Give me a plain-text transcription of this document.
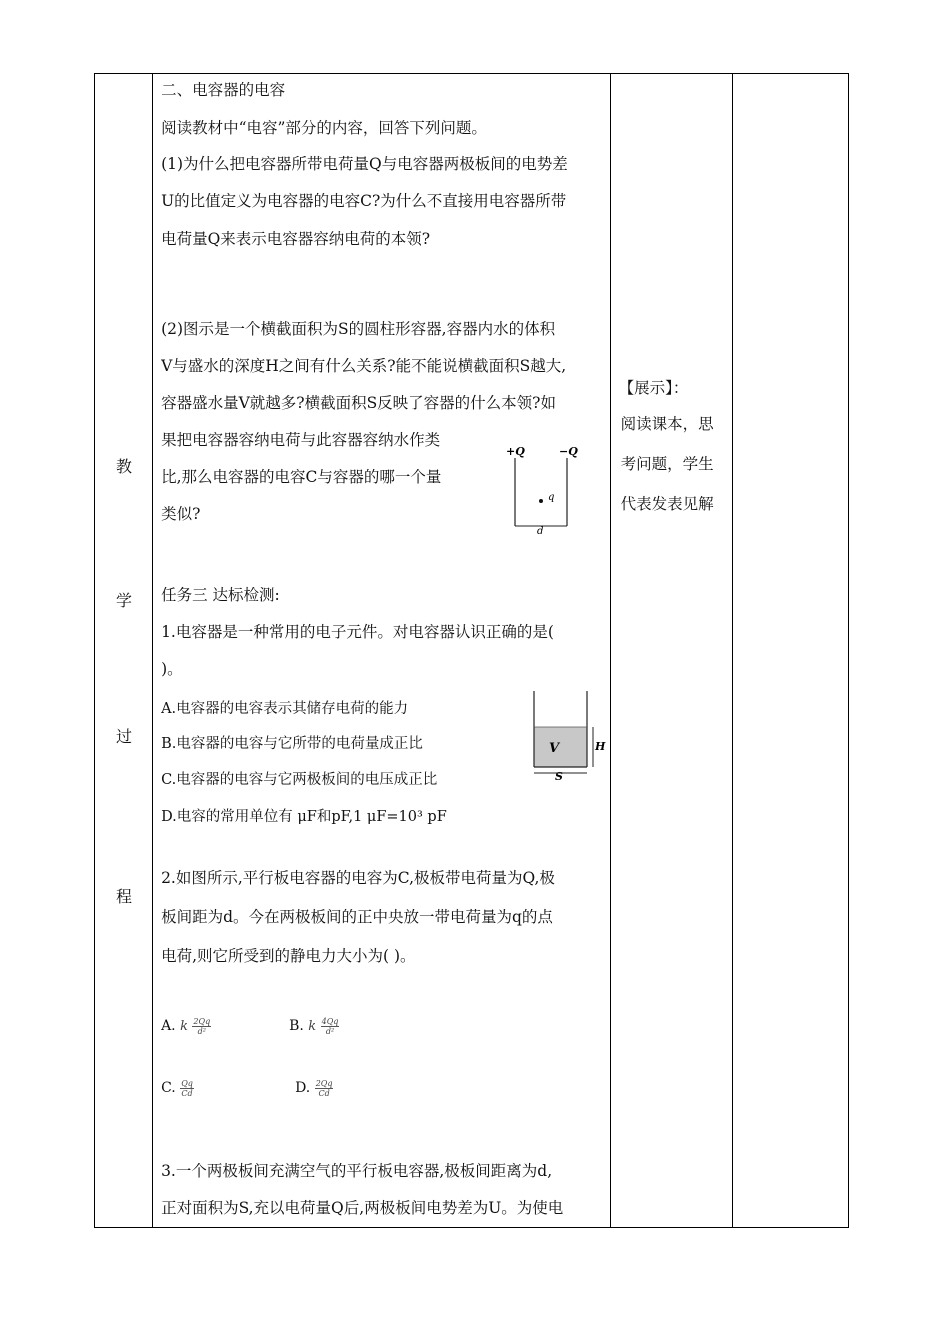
教
学
过
程

二、电容器的电容
阅读教材中“电容”部分的内容，回答下列问题。
(1)为什么把电容器所带电荷量Q与电容器两极板间的电势差
U的比值定义为电容器的电容C?为什么不直接用电容器所带
电荷量Q来表示电容器容纳电荷的本领?
(2)图示是一个横截面积为S的圆柱形容器,容器内水的体积
V与盛水的深度H之间有什么关系?能不能说横截面积S越大,
容器盛水量V就越多?横截面积S反映了容器的什么本领?如
果把电容器容纳电荷与此容器容纳水作类
比,那么电容器的电容C与容器的哪一个量
类似?
+Q	−Q
q
d
任务三 达标检测:
1.电容器是一种常用的电子元件。对电容器认识正确的是(
)。
A.电容器的电容表示其储存电荷的能力
B.电容器的电容与它所带的电荷量成正比
C.电容器的电容与它两极板间的电压成正比
D.电容的常用单位有 μF和pF,1 μF=10³ pF
V	H
S
2.如图所示,平行板电容器的电容为C,极板带电荷量为Q,极
板间距为d。今在两极板间的正中央放一带电荷量为q的点
电荷,则它所受到的静电力大小为( )。
A. k $\frac{2Qq}{\text{d²}}$	B. k $\frac{4Qq}{\text{d²}}$
C. $\frac{Qq}{Cd}$	D. $\frac{2Qq}{Cd}$
3.一个两极板间充满空气的平行板电容器,极板间距离为d,
正对面积为S,充以电荷量Q后,两极板间电势差为U。为使电

【展示】：
阅读课本，思
考问题，学生
代表发表见解
